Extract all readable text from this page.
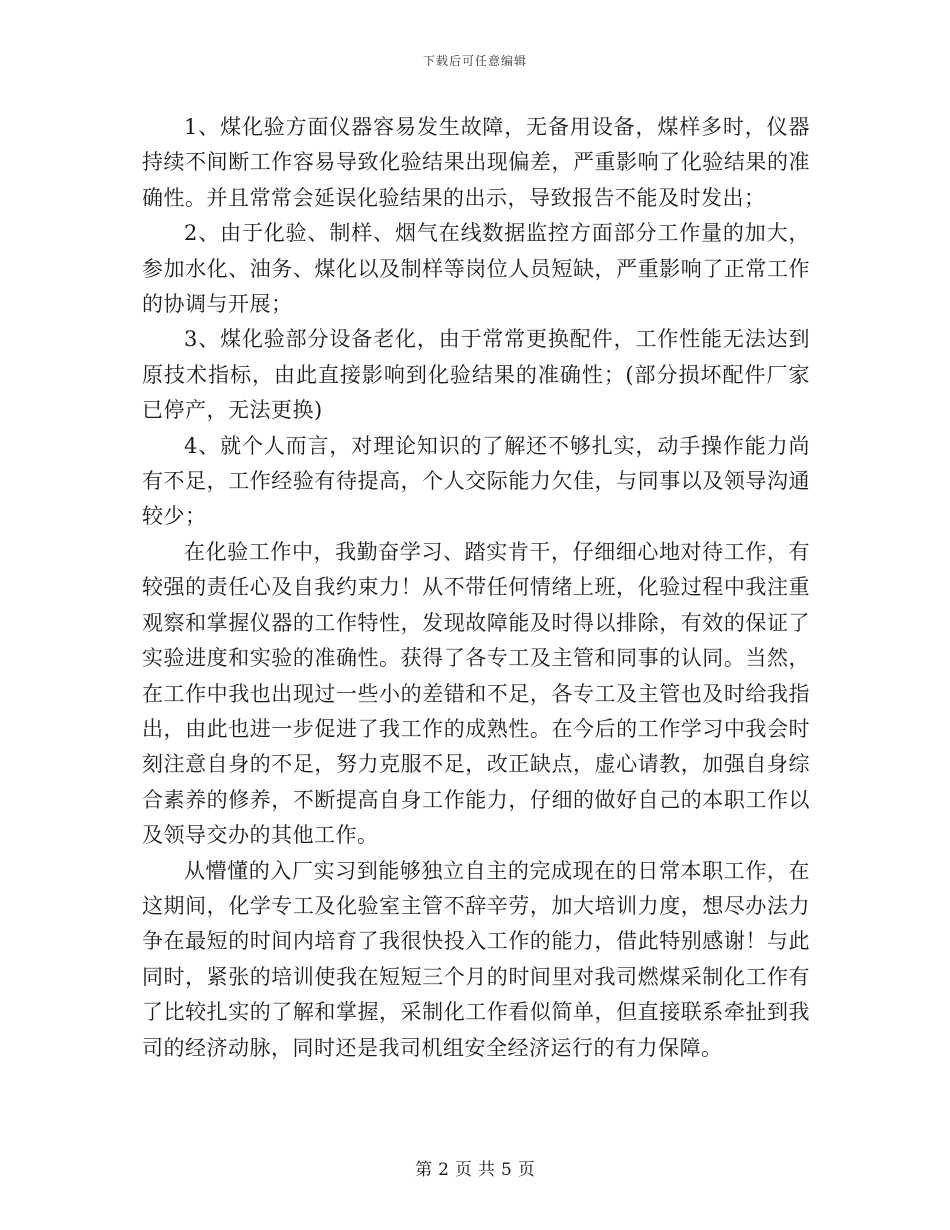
下载后可任意编辑

1、煤化验方面仪器容易发生故障，无备用设备，煤样多时，仪器持续不间断工作容易导致化验结果出现偏差，严重影响了化验结果的准确性。并且常常会延误化验结果的出示，导致报告不能及时发出；

2、由于化验、制样、烟气在线数据监控方面部分工作量的加大，参加水化、油务、煤化以及制样等岗位人员短缺，严重影响了正常工作的协调与开展；

3、煤化验部分设备老化，由于常常更换配件，工作性能无法达到原技术指标，由此直接影响到化验结果的准确性；(部分损坏配件厂家已停产，无法更换)

4、就个人而言，对理论知识的了解还不够扎实，动手操作能力尚有不足，工作经验有待提高，个人交际能力欠佳，与同事以及领导沟通较少；

在化验工作中，我勤奋学习、踏实肯干，仔细细心地对待工作，有较强的责任心及自我约束力！从不带任何情绪上班，化验过程中我注重观察和掌握仪器的工作特性，发现故障能及时得以排除，有效的保证了实验进度和实验的准确性。获得了各专工及主管和同事的认同。当然，在工作中我也出现过一些小的差错和不足，各专工及主管也及时给我指出，由此也进一步促进了我工作的成熟性。在今后的工作学习中我会时刻注意自身的不足，努力克服不足，改正缺点，虚心请教，加强自身综合素养的修养，不断提高自身工作能力，仔细的做好自己的本职工作以及领导交办的其他工作。

从懵懂的入厂实习到能够独立自主的完成现在的日常本职工作，在这期间，化学专工及化验室主管不辞辛劳，加大培训力度，想尽办法力争在最短的时间内培育了我很快投入工作的能力，借此特别感谢！与此同时，紧张的培训使我在短短三个月的时间里对我司燃煤采制化工作有了比较扎实的了解和掌握，采制化工作看似简单，但直接联系牵扯到我司的经济动脉，同时还是我司机组安全经济运行的有力保障。

第 2 页 共 5 页
